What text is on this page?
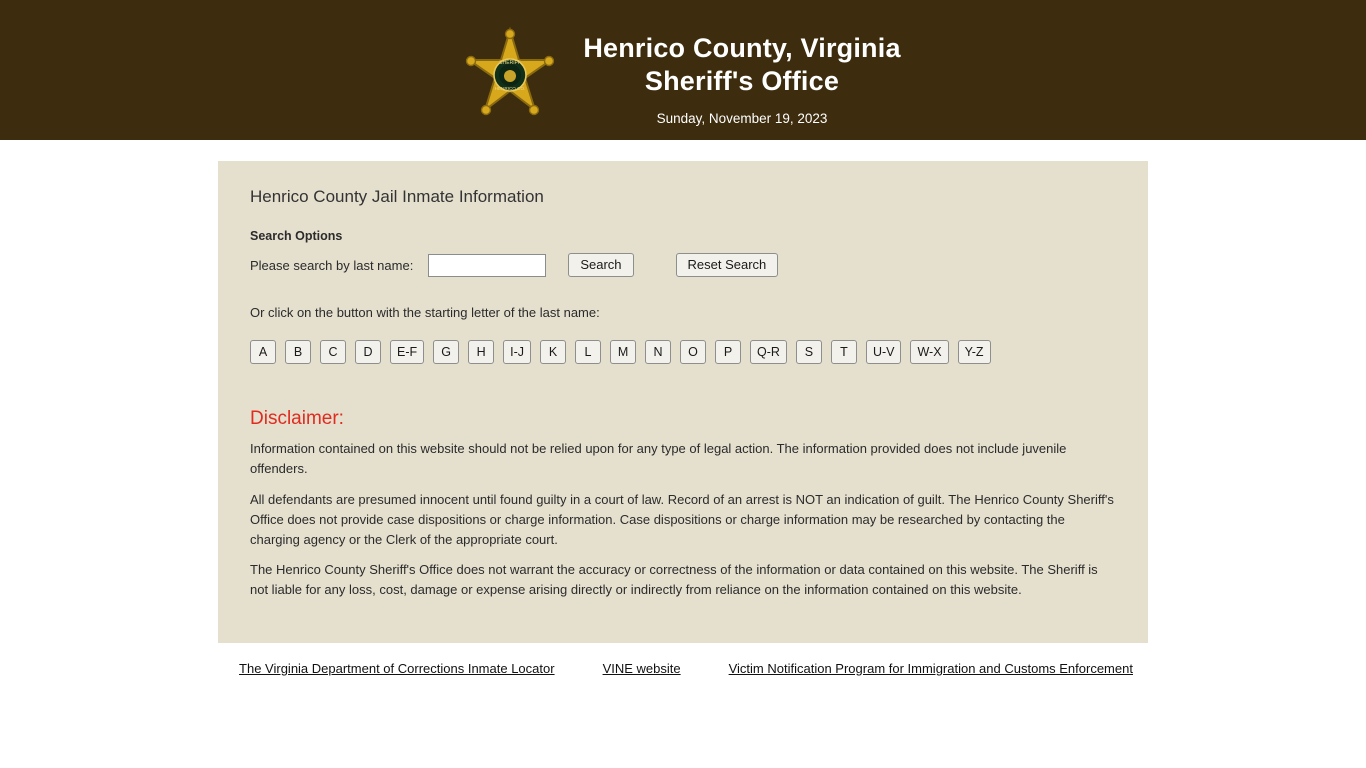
SHERIFF
HENRICO CO.
Henrico County, Virginia
Sheriff's Office
Sunday, November 19, 2023
Henrico County Jail Inmate Information
Search Options
Please search by last name:	Search	Reset Search
Or click on the button with the starting letter of the last name:
A	B	C	D	E-F	G	H	I-J	K	L	M	N	O	P	Q-R	S	T	U-V	W-X	Y-Z
Disclaimer:

Information contained on this website should not be relied upon for any type of legal action. The information provided does not include juvenile offenders.

All defendants are presumed innocent until found guilty in a court of law. Record of an arrest is NOT an indication of guilt. The Henrico County Sheriff's Office does not provide case dispositions or charge information. Case dispositions or charge information may be researched by contacting the charging agency or the Clerk of the appropriate court.

The Henrico County Sheriff's Office does not warrant the accuracy or correctness of the information or data contained on this website. The Sheriff is not liable for any loss, cost, damage or expense arising directly or indirectly from reliance on the information contained on this website.

The Virginia Department of Corrections Inmate Locator	VINE website	Victim Notification Program for Immigration and Customs Enforcement
